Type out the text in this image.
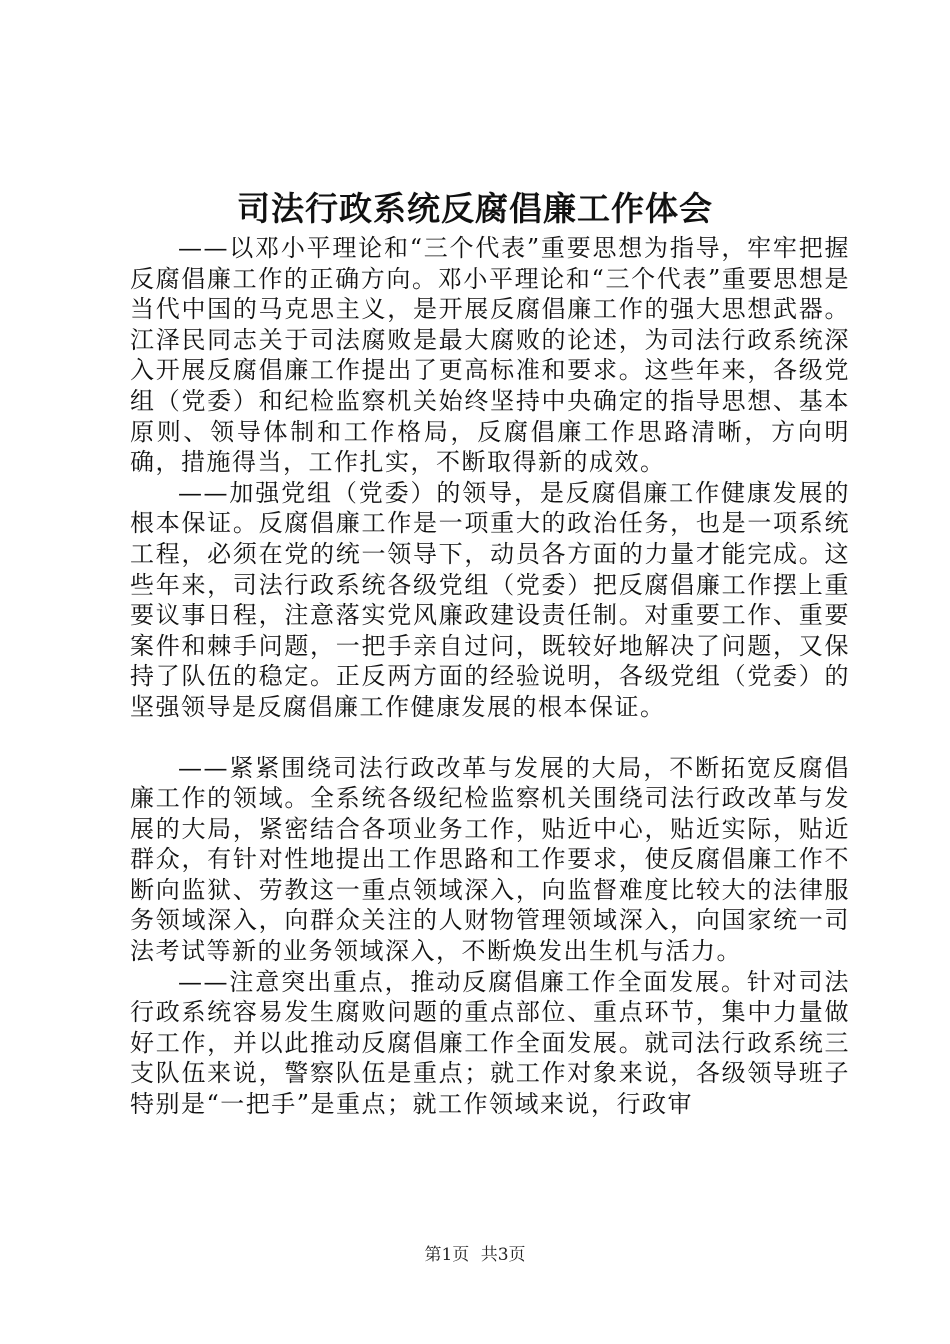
司法行政系统反腐倡廉工作体会

——以邓小平理论和“三个代表”重要思想为指导，牢牢把握反腐倡廉工作的正确方向。邓小平理论和“三个代表”重要思想是当代中国的马克思主义，是开展反腐倡廉工作的强大思想武器。江泽民同志关于司法腐败是最大腐败的论述，为司法行政系统深入开展反腐倡廉工作提出了更高标准和要求。这些年来，各级党组（党委）和纪检监察机关始终坚持中央确定的指导思想、基本原则、领导体制和工作格局，反腐倡廉工作思路清晰，方向明确，措施得当，工作扎实，不断取得新的成效。

——加强党组（党委）的领导，是反腐倡廉工作健康发展的根本保证。反腐倡廉工作是一项重大的政治任务，也是一项系统工程，必须在党的统一领导下，动员各方面的力量才能完成。这些年来，司法行政系统各级党组（党委）把反腐倡廉工作摆上重要议事日程，注意落实党风廉政建设责任制。对重要工作、重要案件和棘手问题，一把手亲自过问，既较好地解决了问题，又保持了队伍的稳定。正反两方面的经验说明，各级党组（党委）的坚强领导是反腐倡廉工作健康发展的根本保证。

——紧紧围绕司法行政改革与发展的大局，不断拓宽反腐倡廉工作的领域。全系统各级纪检监察机关围绕司法行政改革与发展的大局，紧密结合各项业务工作，贴近中心，贴近实际，贴近群众，有针对性地提出工作思路和工作要求，使反腐倡廉工作不断向监狱、劳教这一重点领域深入，向监督难度比较大的法律服务领域深入，向群众关注的人财物管理领域深入，向国家统一司法考试等新的业务领域深入，不断焕发出生机与活力。

——注意突出重点，推动反腐倡廉工作全面发展。针对司法行政系统容易发生腐败问题的重点部位、重点环节，集中力量做好工作，并以此推动反腐倡廉工作全面发展。就司法行政系统三支队伍来说，警察队伍是重点；就工作对象来说，各级领导班子特别是“一把手”是重点；就工作领域来说，行政审

第1页 共3页
